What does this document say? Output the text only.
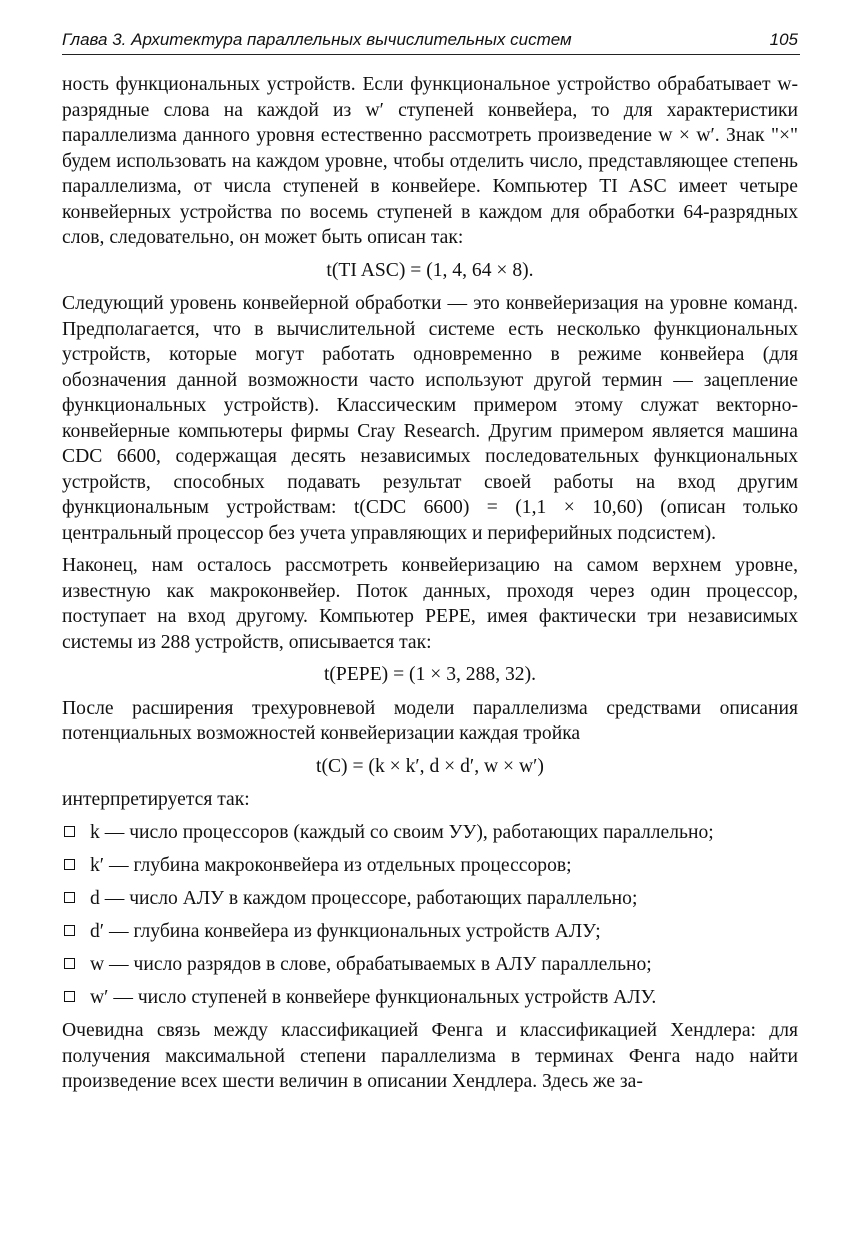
Глава 3. Архитектура параллельных вычислительных систем	105

ность функциональных устройств. Если функциональное устройство обрабатывает w-разрядные слова на каждой из w′ ступеней конвейера, то для характеристики параллелизма данного уровня естественно рассмотреть произведение w × w′. Знак "×" будем использовать на каждом уровне, чтобы отделить число, представляющее степень параллелизма, от числа ступеней в конвейере. Компьютер TI ASC имеет четыре конвейерных устройства по восемь ступеней в каждом для обработки 64-разрядных слов, следовательно, он может быть описан так:

t(TI ASC) = (1, 4, 64 × 8).

Следующий уровень конвейерной обработки — это конвейеризация на уровне команд. Предполагается, что в вычислительной системе есть несколько функциональных устройств, которые могут работать одновременно в режиме конвейера (для обозначения данной возможности часто используют другой термин — зацепление функциональных устройств). Классическим примером этому служат векторно-конвейерные компьютеры фирмы Cray Research. Другим примером является машина CDC 6600, содержащая десять независимых последовательных функциональных устройств, способных подавать результат своей работы на вход другим функциональным устройствам: t(CDC 6600) = (1,1 × 10,60) (описан только центральный процессор без учета управляющих и периферийных подсистем).

Наконец, нам осталось рассмотреть конвейеризацию на самом верхнем уровне, известную как макроконвейер. Поток данных, проходя через один процессор, поступает на вход другому. Компьютер PEPE, имея фактически три независимых системы из 288 устройств, описывается так:

t(PEPE) = (1 × 3, 288, 32).

После расширения трехуровневой модели параллелизма средствами описания потенциальных возможностей конвейеризации каждая тройка

t(C) = (k × k′, d × d′, w × w′)

интерпретируется так:

k — число процессоров (каждый со своим УУ), работающих параллельно;
k′ — глубина макроконвейера из отдельных процессоров;
d — число АЛУ в каждом процессоре, работающих параллельно;
d′ — глубина конвейера из функциональных устройств АЛУ;
w — число разрядов в слове, обрабатываемых в АЛУ параллельно;
w′ — число ступеней в конвейере функциональных устройств АЛУ.

Очевидна связь между классификацией Фенга и классификацией Хендлера: для получения максимальной степени параллелизма в терминах Фенга надо найти произведение всех шести величин в описании Хендлера. Здесь же за-
